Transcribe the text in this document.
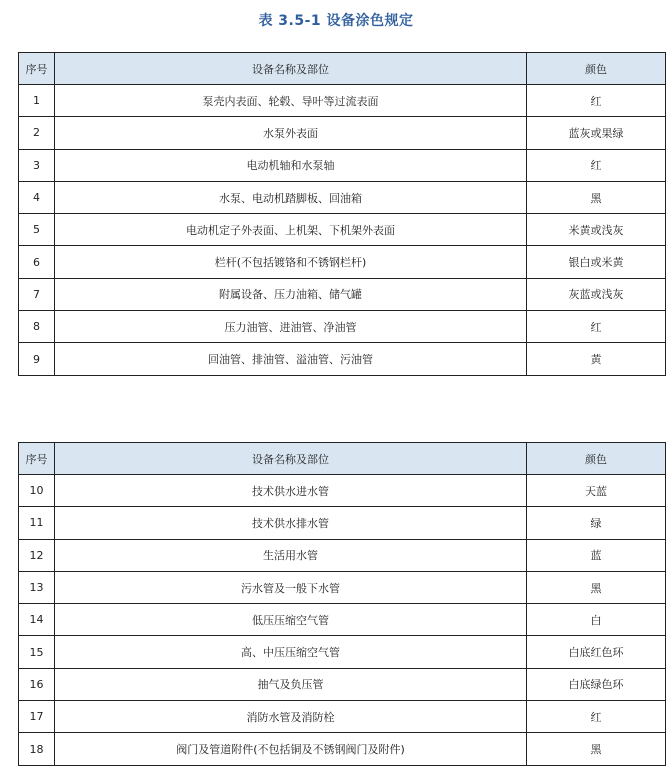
表 3.5-1 设备涂色规定
序号	设备名称及部位	颜色
1	泵壳内表面、轮毂、导叶等过流表面	红
2	水泵外表面	蓝灰或果绿
3	电动机轴和水泵轴	红
4	水泵、电动机踏脚板、回油箱	黑
5	电动机定子外表面、上机架、下机架外表面	米黄或浅灰
6	栏杆(不包括镀铬和不锈钢栏杆)	银白或米黄
7	附属设备、压力油箱、储气罐	灰蓝或浅灰
8	压力油管、进油管、净油管	红
9	回油管、排油管、溢油管、污油管	黄
序号	设备名称及部位	颜色
10	技术供水进水管	天蓝
11	技术供水排水管	绿
12	生活用水管	蓝
13	污水管及一般下水管	黑
14	低压压缩空气管	白
15	高、中压压缩空气管	白底红色环
16	抽气及负压管	白底绿色环
17	消防水管及消防栓	红
18	阀门及管道附件(不包括铜及不锈钢阀门及附件)	黑
